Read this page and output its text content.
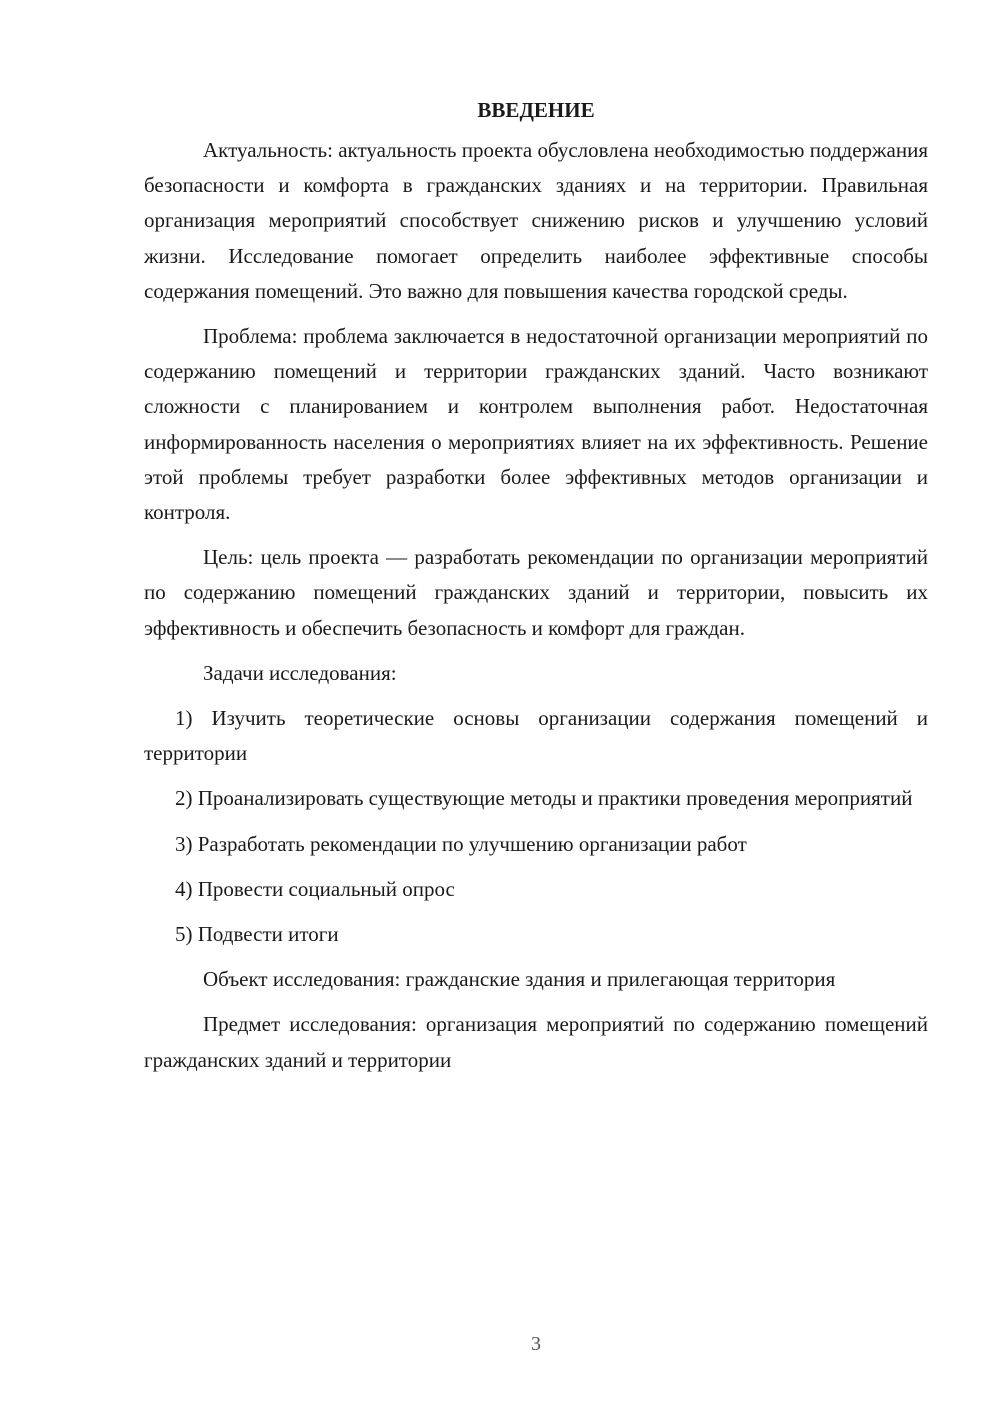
ВВЕДЕНИЕ

Актуальность: актуальность проекта обусловлена необходимостью поддержания безопасности и комфорта в гражданских зданиях и на территории. Правильная организация мероприятий способствует снижению рисков и улучшению условий жизни. Исследование помогает определить наиболее эффективные способы содержания помещений. Это важно для повышения качества городской среды.

Проблема: проблема заключается в недостаточной организации мероприятий по содержанию помещений и территории гражданских зданий. Часто возникают сложности с планированием и контролем выполнения работ. Недостаточная информированность населения о мероприятиях влияет на их эффективность. Решение этой проблемы требует разработки более эффективных методов организации и контроля.

Цель: цель проекта — разработать рекомендации по организации мероприятий по содержанию помещений гражданских зданий и территории, повысить их эффективность и обеспечить безопасность и комфорт для граждан.

Задачи исследования:

1) Изучить теоретические основы организации содержания помещений и территории

2) Проанализировать существующие методы и практики проведения мероприятий

3) Разработать рекомендации по улучшению организации работ

4) Провести социальный опрос

5) Подвести итоги

Объект исследования: гражданские здания и прилегающая территория

Предмет исследования: организация мероприятий по содержанию помещений гражданских зданий и территории

3
